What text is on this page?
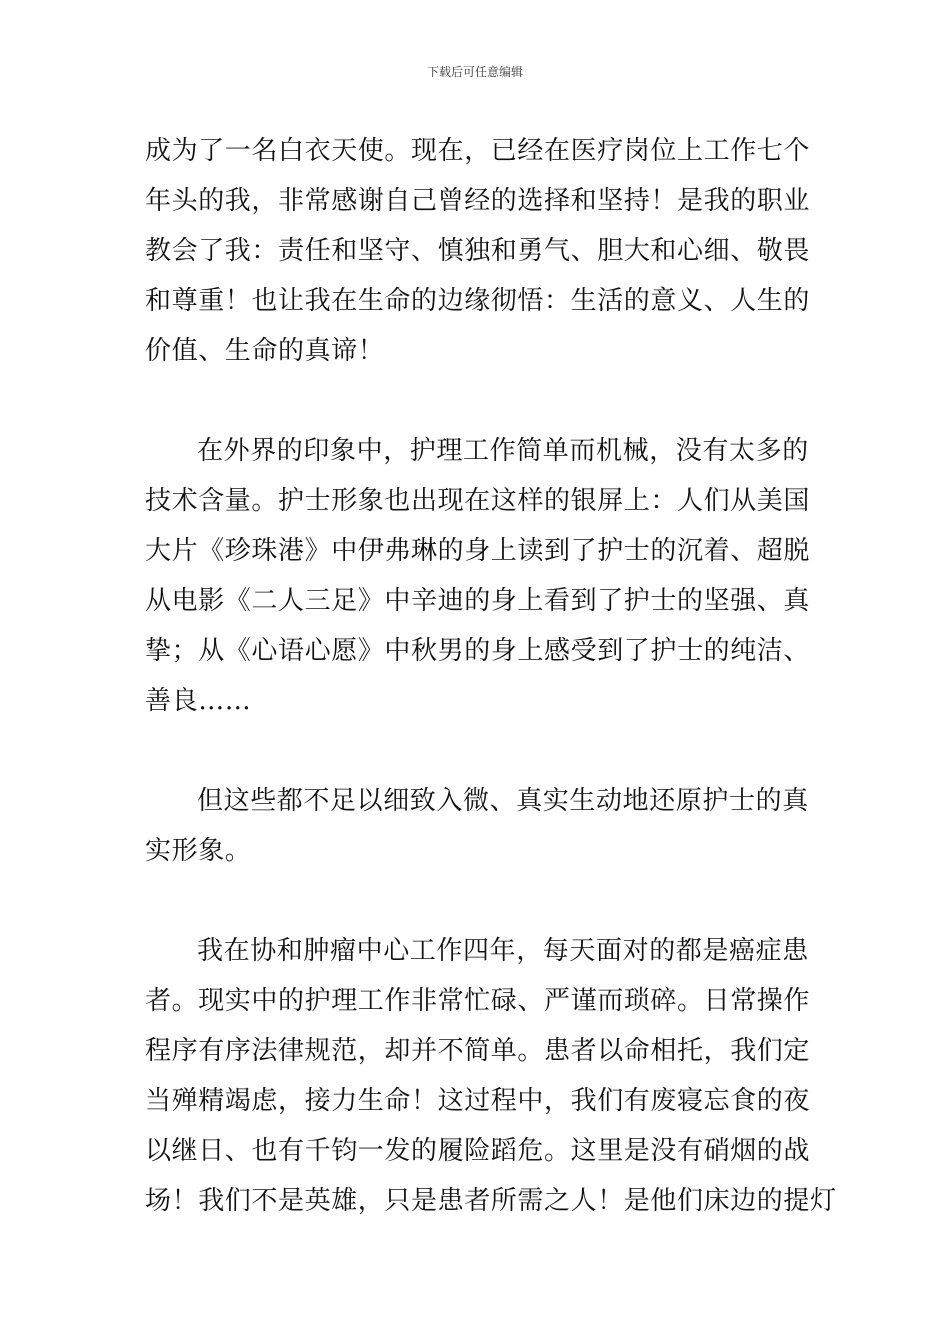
下载后可任意编辑
成为了一名白衣天使。现在，已经在医疗岗位上工作七个
年头的我，非常感谢自己曾经的选择和坚持！是我的职业
教会了我：责任和坚守、慎独和勇气、胆大和心细、敬畏
和尊重！也让我在生命的边缘彻悟：生活的意义、人生的
价值、生命的真谛！
在外界的印象中，护理工作简单而机械，没有太多的
技术含量。护士形象也出现在这样的银屏上：人们从美国
大片《珍珠港》中伊弗琳的身上读到了护士的沉着、超脱
从电影《二人三足》中辛迪的身上看到了护士的坚强、真
挚；从《心语心愿》中秋男的身上感受到了护士的纯洁、
善良……
但这些都不足以细致入微、真实生动地还原护士的真
实形象。
我在协和肿瘤中心工作四年，每天面对的都是癌症患
者。现实中的护理工作非常忙碌、严谨而琐碎。日常操作
程序有序法律规范，却并不简单。患者以命相托，我们定
当殚精竭虑，接力生命！这过程中，我们有废寝忘食的夜
以继日、也有千钧一发的履险蹈危。这里是没有硝烟的战
场！我们不是英雄，只是患者所需之人！是他们床边的提灯
